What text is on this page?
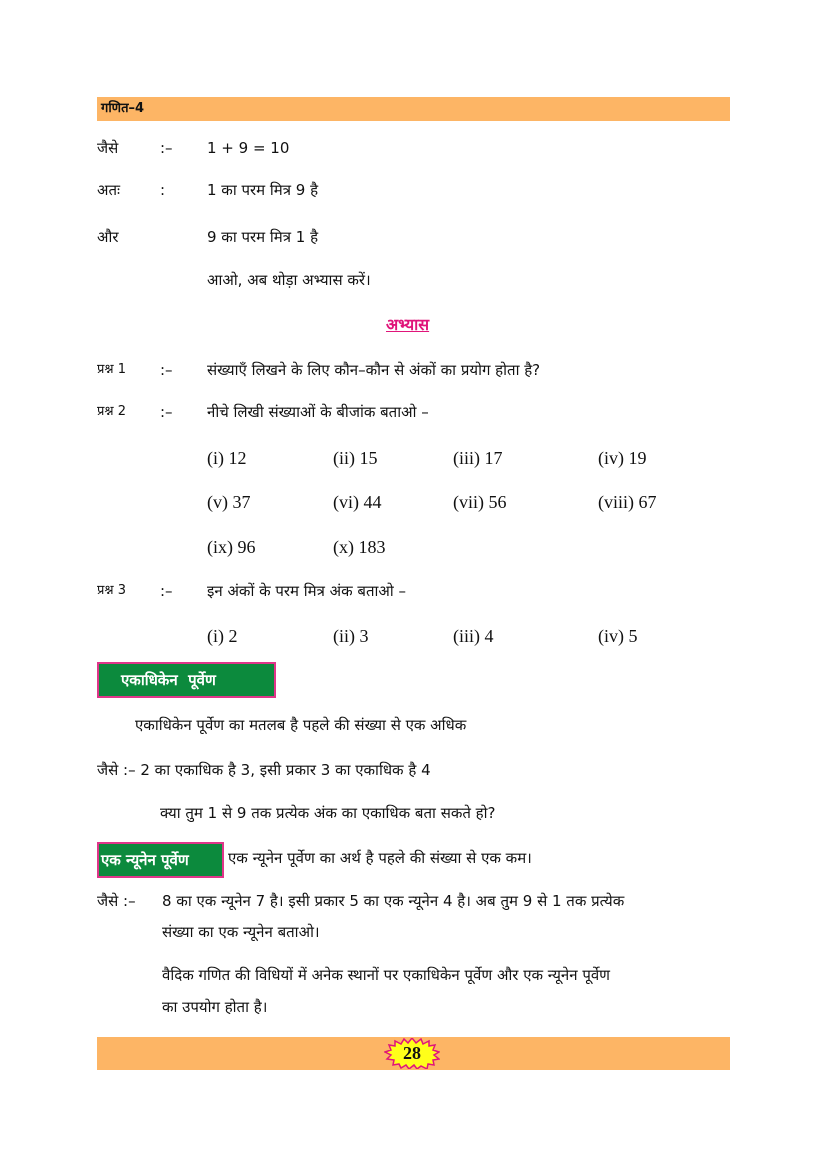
गणित–4
जैसे	:– 1 + 9 = 10
अतः	:	1 का परम मित्र 9 है
और	9 का परम मित्र 1 है
आओ, अब थोड़ा अभ्यास करें।
अभ्यास
प्रश्न 1 :– संख्याएँ लिखने के लिए कौन–कौन से अंकों का प्रयोग होता है?
प्रश्न 2 :– नीचे लिखी संख्याओं के बीजांक बताओ –
(i) 12	(ii) 15	(iii) 17	(iv) 19
(v) 37	(vi) 44	(vii) 56	(viii) 67
(ix) 96	(x) 183
प्रश्न 3 :– इन अंकों के परम मित्र अंक बताओ –
(i) 2	(ii) 3	(iii) 4	(iv) 5
एकाधिकेन  पूर्वेण
एकाधिकेन पूर्वेण का मतलब है पहले की संख्या से एक अधिक
जैसे :– 2 का एकाधिक है 3, इसी प्रकार 3 का एकाधिक है 4
क्या तुम 1 से 9 तक प्रत्येक अंक का एकाधिक बता सकते हो?
एक न्यूनेन पूर्वेण	एक न्यूनेन पूर्वेण का अर्थ है पहले की संख्या से एक कम।
जैसे :– 8 का एक न्यूनेन 7 है। इसी प्रकार 5 का एक न्यूनेन 4 है। अब तुम 9 से 1 तक प्रत्येक
संख्या का एक न्यूनेन बताओ।
वैदिक गणित की विधियों में अनेक स्थानों पर एकाधिकेन पूर्वेण और एक न्यूनेन पूर्वेण
का उपयोग होता है।
28
